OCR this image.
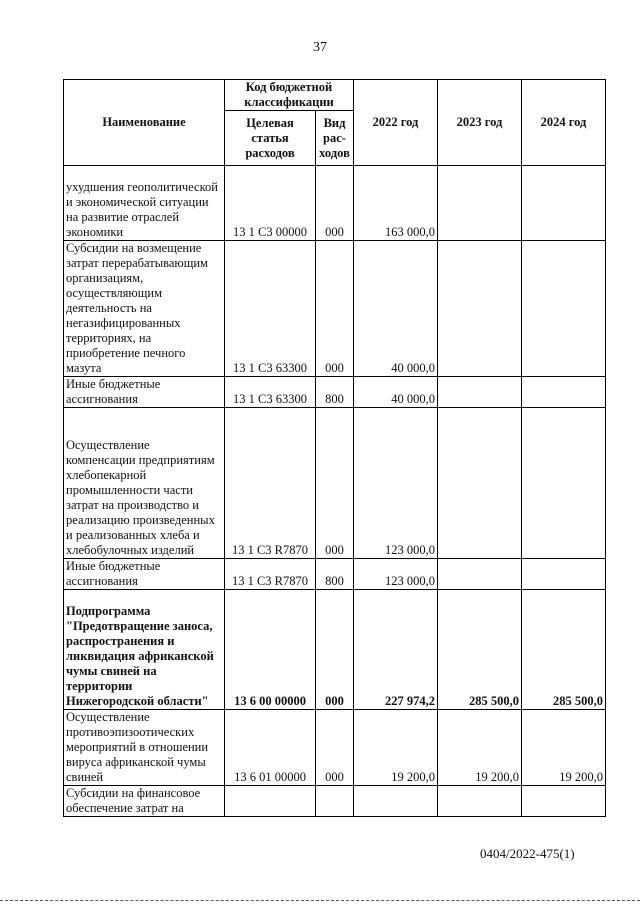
37
Наименование	Код бюджетной классификации		2022 год	2023 год	2024 год
	Целевая статья расходов	Вид рас-ходов			
ухудшения геополитической и экономической ситуации на развитие отраслей экономики	13 1 С3 00000	000	163 000,0		
Субсидии на возмещение затрат перерабатывающим организациям, осуществляющим деятельность на негазифицированных территориях, на приобретение печного мазута	13 1 С3 63300	000	40 000,0		
Иные бюджетные ассигнования	13 1 С3 63300	800	40 000,0		
Осуществление компенсации предприятиям хлебопекарной промышленности части затрат на производство и реализацию произведенных и реализованных хлеба и хлебобулочных изделий	13 1 С3 R7870	000	123 000,0		
Иные бюджетные ассигнования	13 1 С3 R7870	800	123 000,0		
Подпрограмма "Предотвращение заноса, распространения и ликвидация африканской чумы свиней на территории Нижегородской области"	13 6 00 00000	000	227 974,2	285 500,0	285 500,0
Осуществление противоэпизоотических мероприятий в отношении вируса африканской чумы свиней	13 6 01 00000	000	19 200,0	19 200,0	19 200,0
Субсидии на финансовое обеспечение затрат на					
0404/2022-475(1)
